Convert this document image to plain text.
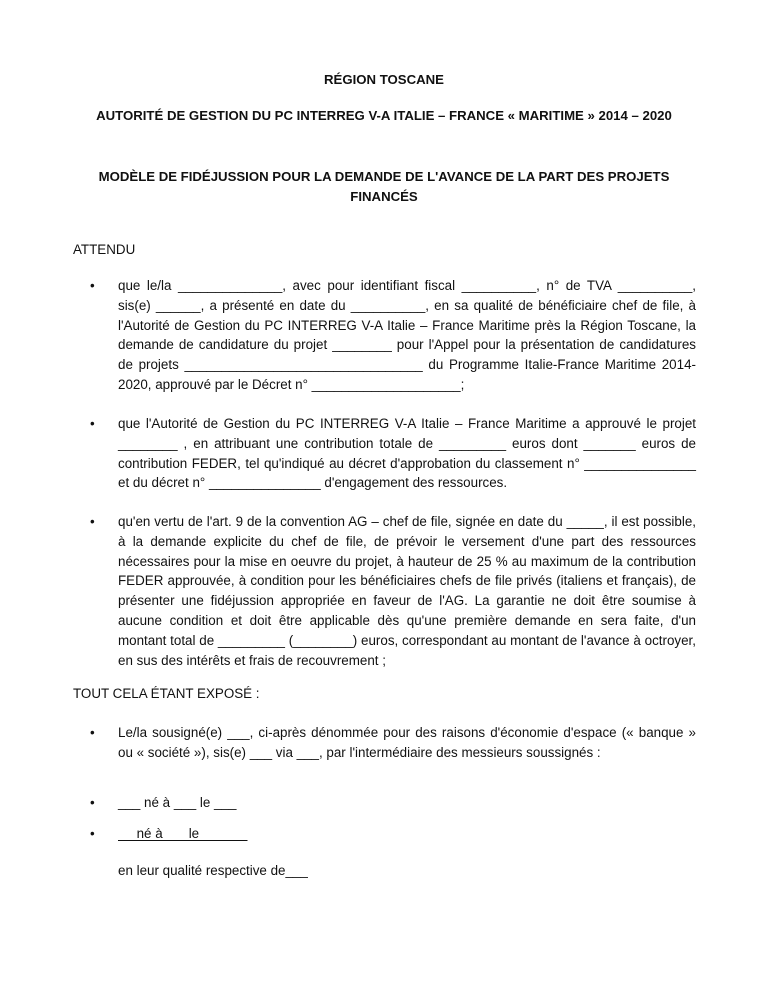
RÉGION TOSCANE
AUTORITÉ DE GESTION DU PC INTERREG V-A ITALIE – FRANCE « MARITIME » 2014 – 2020
MODÈLE DE FIDÉJUSSION POUR LA DEMANDE DE L'AVANCE DE LA PART DES PROJETS FINANCÉS
ATTENDU
•	que le/la ______________, avec pour identifiant fiscal __________, n° de TVA __________, sis(e) ______, a présenté en date du __________, en sa qualité de bénéficiaire chef de file, à l'Autorité de Gestion du PC INTERREG V-A Italie – France Maritime près la Région Toscane, la demande de candidature du projet ________ pour l'Appel pour la présentation de candidatures de projets ________________________________ du Programme Italie-France Maritime 2014-2020, approuvé par le Décret n° ____________________;
•	que l'Autorité de Gestion du PC INTERREG V-A Italie – France Maritime a approuvé le projet ________ , en attribuant une contribution totale de _________ euros dont _______ euros de contribution FEDER, tel qu'indiqué au décret d'approbation du classement n° _______________ et du décret n° _______________ d'engagement des ressources.
•	qu'en vertu de l'art. 9 de la convention AG – chef de file, signée en date du _____, il est possible, à la demande explicite du chef de file, de prévoir le versement d'une part des ressources nécessaires pour la mise en oeuvre du projet, à hauteur de 25 % au maximum de la contribution FEDER approuvée, à condition pour les bénéficiaires chefs de file privés (italiens et français), de présenter une fidéjussion appropriée en faveur de l'AG. La garantie ne doit être soumise à aucune condition et doit être applicable dès qu'une première demande en sera faite, d'un montant total de _________ (________) euros, correspondant au montant de l'avance à octroyer, en sus des intérêts et frais de recouvrement ;
TOUT CELA ÉTANT EXPOSÉ :
•	Le/la sousigné(e) ___, ci-après dénommée pour des raisons d'économie d'espace (« banque » ou « société »), sis(e) ___ via ___, par l'intermédiaire des messieurs soussignés :
•	___ né à ___ le ___
•	né à       le
en leur qualité respective de___
